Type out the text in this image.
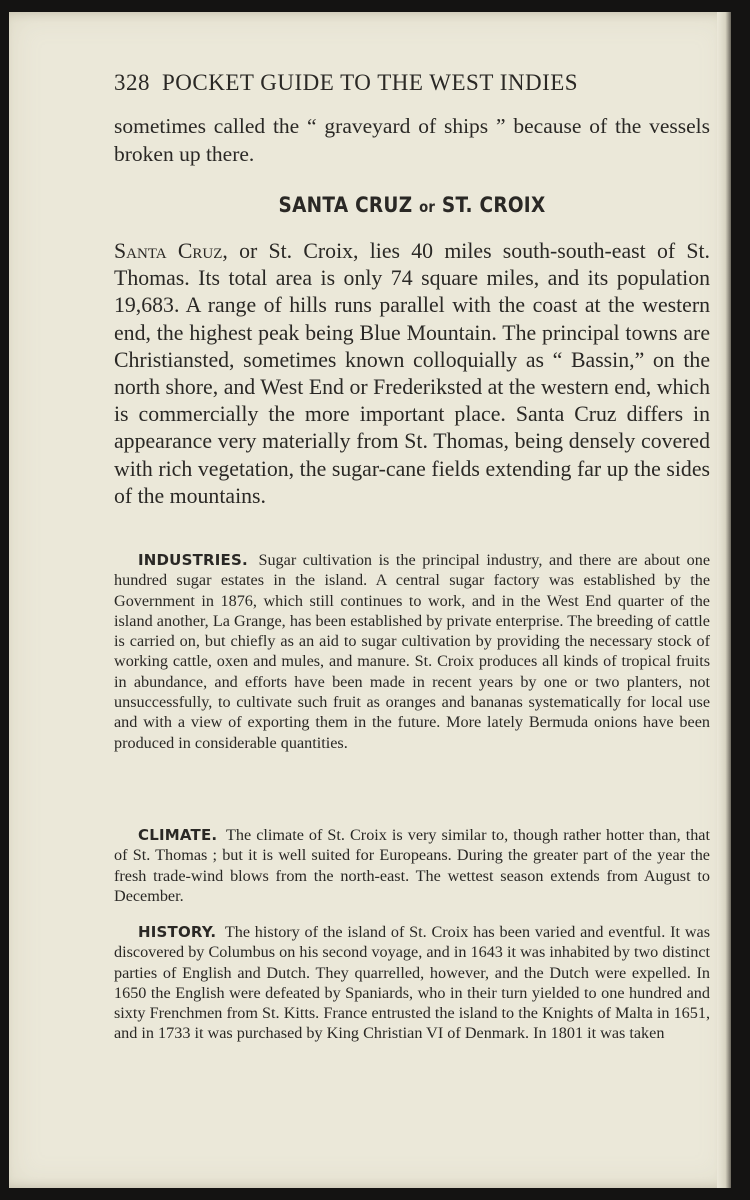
328 POCKET GUIDE TO THE WEST INDIES
sometimes called the “ graveyard of ships ” because of the vessels broken up there.
SANTA CRUZ or ST. CROIX
Santa Cruz, or St. Croix, lies 40 miles south-south-east of St. Thomas. Its total area is only 74 square miles, and its population 19,683. A range of hills runs parallel with the coast at the western end, the highest peak being Blue Mountain. The principal towns are Christiansted, sometimes known colloquially as “ Bassin,” on the north shore, and West End or Frederiksted at the western end, which is commercially the more important place. Santa Cruz differs in appearance very materially from St. Thomas, being densely covered with rich vegetation, the sugar-cane fields extending far up the sides of the mountains.

INDUSTRIES. Sugar cultivation is the principal industry, and there are about one hundred sugar estates in the island. A central sugar factory was established by the Government in 1876, which still continues to work, and in the West End quarter of the island another, La Grange, has been established by private enterprise. The breeding of cattle is carried on, but chiefly as an aid to sugar cultivation by providing the necessary stock of working cattle, oxen and mules, and manure. St. Croix produces all kinds of tropical fruits in abundance, and efforts have been made in recent years by one or two planters, not unsuccessfully, to cultivate such fruit as oranges and bananas systematically for local use and with a view of exporting them in the future. More lately Bermuda onions have been produced in considerable quantities.

CLIMATE. The climate of St. Croix is very similar to, though rather hotter than, that of St. Thomas ; but it is well suited for Europeans. During the greater part of the year the fresh trade-wind blows from the north-east. The wettest season extends from August to December.

HISTORY. The history of the island of St. Croix has been varied and eventful. It was discovered by Columbus on his second voyage, and in 1643 it was inhabited by two distinct parties of English and Dutch. They quarrelled, however, and the Dutch were expelled. In 1650 the English were defeated by Spaniards, who in their turn yielded to one hundred and sixty Frenchmen from St. Kitts. France entrusted the island to the Knights of Malta in 1651, and in 1733 it was purchased by King Christian VI of Denmark. In 1801 it was taken
